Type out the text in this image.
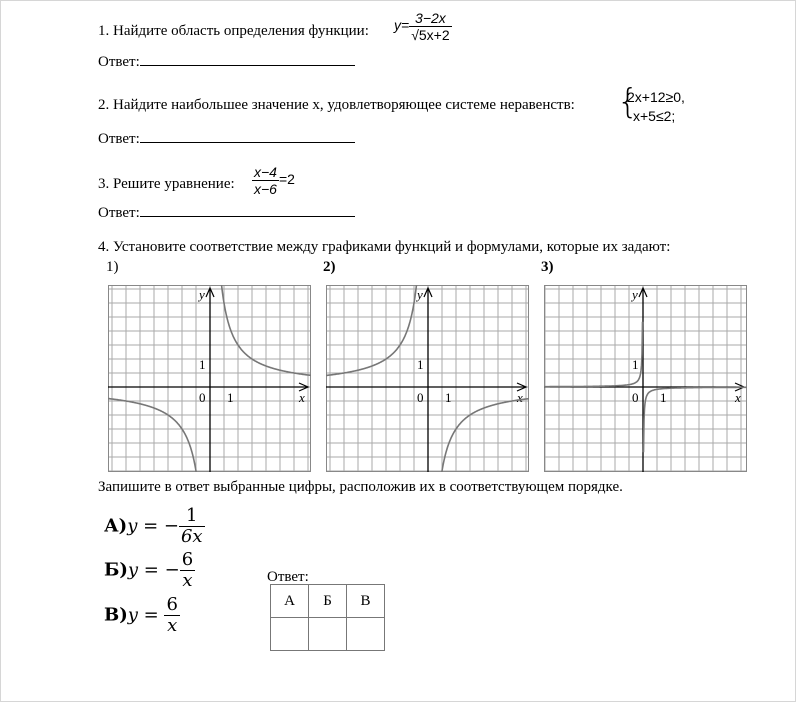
1. Найдите область определения функции: $y= \frac{3-2x}{√5x+2}$
Ответ:
2. Найдите наибольшее значение х, удовлетворяющее системе неравенств: {
2x+12≥0,
x+5≤2;
Ответ:
3. Решите уравнение: $\frac{x-4}{x-6} =2$
Ответ:
4. Установите соответствие между графиками функций и формулами, которые их задают:
1)	2)	3)
y
x
0 1
1
y
x
0 1
1
y
x
0 1
1
Запишите в ответ выбранные цифры, расположив их в соответствующем порядке.
А)y = − $\frac{1}{6x}$
Б)y = − $\frac{6}{x}$
$В)y = \frac{6}{x}$
Ответ:
А	Б	В
